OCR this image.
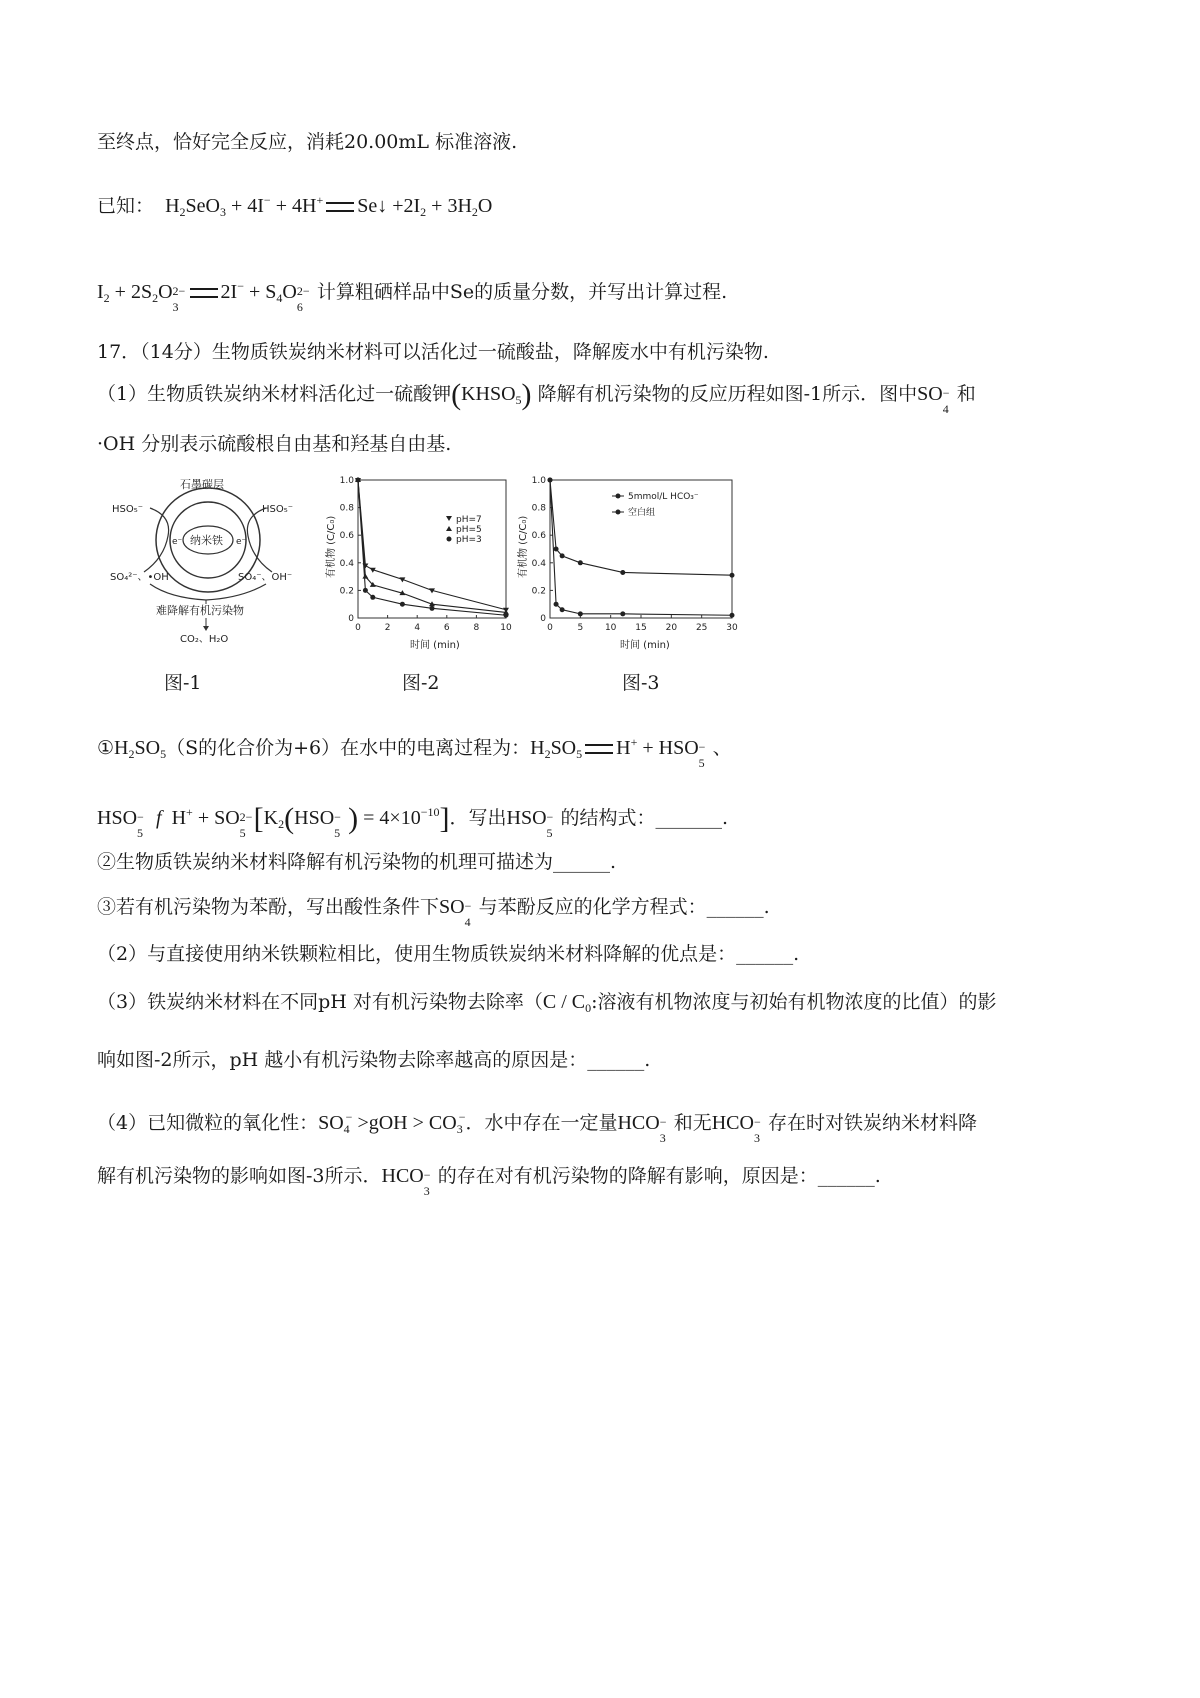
至终点，恰好完全反应，消耗20.00mL 标准溶液.
已知：  $H_2SeO_3 + 4I^- + 4H^+$ Se↓ $+2I_2 + 3H_2O$
$I_2 + 2S_2O$ 2−
3
$2I^- + S_4O$ 2−
6
计算粗硒样品中Se的质量分数，并写出计算过程.
17．（14分）生物质铁炭纳米材料可以活化过一硫酸盐，降解废水中有机污染物.
（1）生物质铁炭纳米材料活化过一硫酸钾$(KHSO_5)$ 降解有机污染物的反应历程如图-1所示．图中SO −
4
和
·OH 分别表示硫酸根自由基和羟基自由基.
石墨碳层
纳米铁
e⁻	e⁻
HSO₅⁻	HSO₅⁻
SO₄²⁻、•OH	SO₄⁻、OH⁻
难降解有机污染物
CO₂、H₂O
图-1
有机物 (C/C₀)
时间 (min)
1.0
0.8
0.6
0.4
0.2
0
0	2	4	6	8 10
pH=7
pH=5
pH=3
图-2
有机物 (C/C₀)
时间 (min)
1.0
0.8
0.6
0.4
0.2
0
0	5 10 15 20 25 30
5mmol/L HCO₃⁻
空白组
图-3
$①H_2SO_5(S$的化合价为+6）在水中的电离过程为：$H_2SO_5$ H+ + HSO −
5
、
HSO −
5
f  H+ + SO 2−
5 [$K_2(HSO$ −
5 ) = $4\times 10^{-10}$]．写出HSO −
5
的结构式：_______.
②生物质铁炭纳米材料降解有机污染物的机理可描述为______.
③若有机污染物为苯酚，写出酸性条件下SO −
4
与苯酚反应的化学方程式：______.
（2）与直接使用纳米铁颗粒相比，使用生物质铁炭纳米材料降解的优点是：______.
（3）铁炭纳米材料在不同pH 对有机污染物去除率（$C / C_0$:溶液有机物浓度与初始有机物浓度的比值）的影
响如图-2所示，pH 越小有机污染物去除率越高的原因是：______.
（4）已知微粒的氧化性：$SO_4^- >gOH > CO_3^-$．水中存在一定量HCO −
3
和无HCO −
3
存在时对铁炭纳米材料降
解有机污染物的影响如图-3所示．HCO −
3
的存在对有机污染物的降解有影响，原因是：______.
